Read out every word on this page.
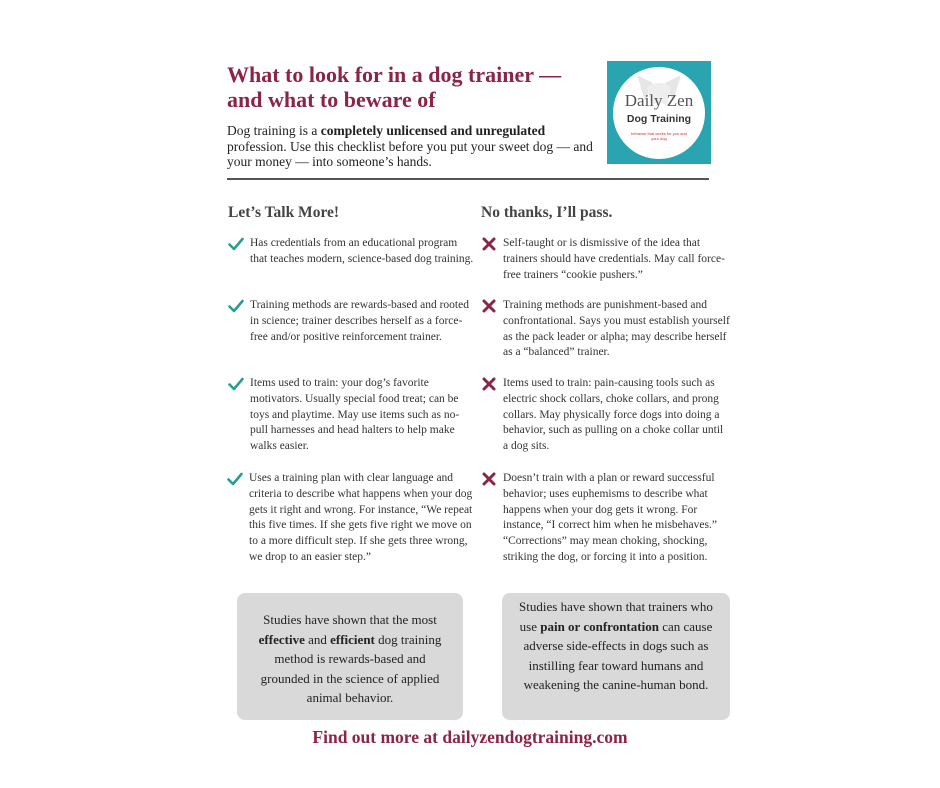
What to look for in a dog trainer —
and what to beware of
Dog training is a completely unlicensed and unregulated profession. Use this checklist before you put your sweet dog — and your money — into someone’s hands.
Daily Zen
Dog Training
behavior that works for you and your dog
Let’s Talk More!	No thanks, I’ll pass.
Has credentials from an educational program that teaches modern, science-based dog training.
Training methods are rewards-based and rooted in science; trainer describes herself as a force-free and/or positive reinforcement trainer.
Items used to train: your dog’s favorite motivators. Usually special food treat; can be toys and playtime. May use items such as no-pull harnesses and head halters to help make walks easier.
Uses a training plan with clear language and criteria to describe what happens when your dog gets it right and wrong. For instance, “We repeat this five times. If she gets five right we move on to a more difficult step. If she gets three wrong, we drop to an easier step.”
Self-taught or is dismissive of the idea that trainers should have credentials. May call force-free trainers “cookie pushers.”
Training methods are punishment-based and confrontational. Says you must establish yourself as the pack leader or alpha; may describe herself as a “balanced” trainer.
Items used to train: pain-causing tools such as electric shock collars, choke collars, and prong collars. May physically force dogs into doing a behavior, such as pulling on a choke collar until a dog sits.
Doesn’t train with a plan or reward successful behavior; uses euphemisms to describe what happens when your dog gets it wrong. For instance, “I correct him when he misbehaves.” “Corrections” may mean choking, shocking, striking the dog, or forcing it into a position.
Studies have shown that the most effective and efficient dog training method is rewards-based and grounded in the science of applied animal behavior.
Studies have shown that trainers who use pain or confrontation can cause adverse side-effects in dogs such as instilling fear toward humans and weakening the canine-human bond.
Find out more at dailyzendogtraining.com
